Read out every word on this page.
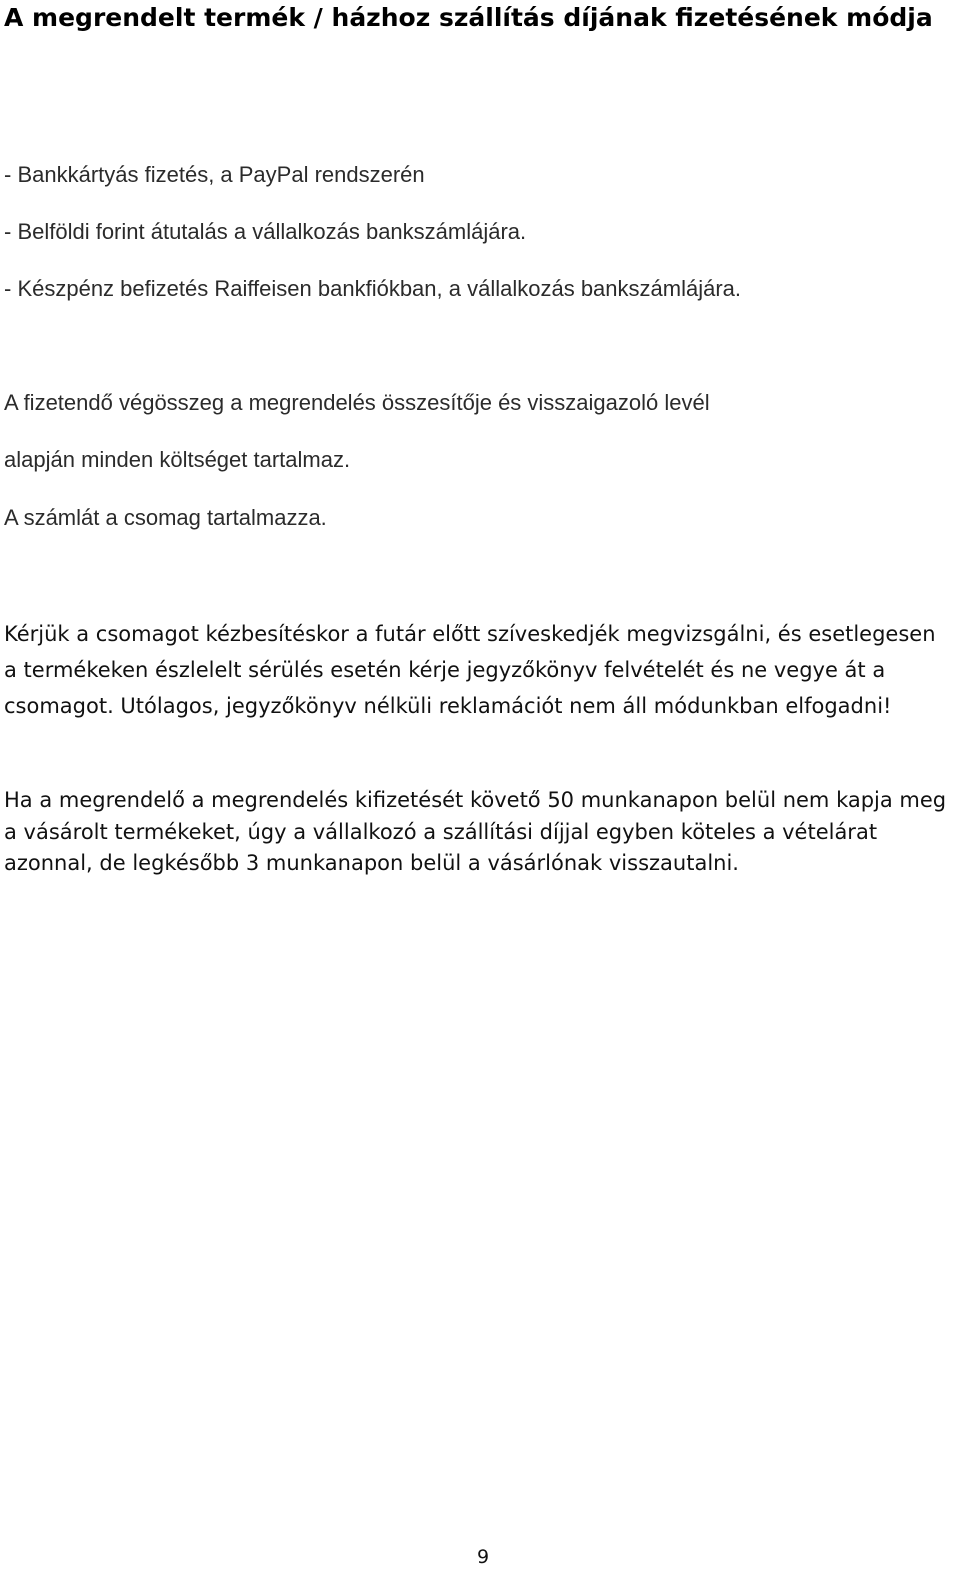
A megrendelt termék / házhoz szállítás díjának fizetésének módja

- Bankkártyás fizetés, a PayPal rendszerén

- Belföldi forint átutalás a vállalkozás bankszámlájára.

- Készpénz befizetés Raiffeisen bankfiókban, a vállalkozás bankszámlájára.

A fizetendő végösszeg a megrendelés összesítője és visszaigazoló levél

alapján minden költséget tartalmaz.

A számlát a csomag tartalmazza.

Kérjük a csomagot kézbesítéskor a futár előtt szíveskedjék megvizsgálni, és esetlegesen a termékeken észlelelt sérülés esetén kérje jegyzőkönyv felvételét és ne vegye át a csomagot. Utólagos, jegyzőkönyv nélküli reklamációt nem áll módunkban elfogadni!

Ha a megrendelő a megrendelés kifizetését követő 50 munkanapon belül nem kapja meg a vásárolt termékeket, úgy a vállalkozó a szállítási díjjal egyben köteles a vételárat azonnal, de legkésőbb 3 munkanapon belül a vásárlónak visszautalni.

9
